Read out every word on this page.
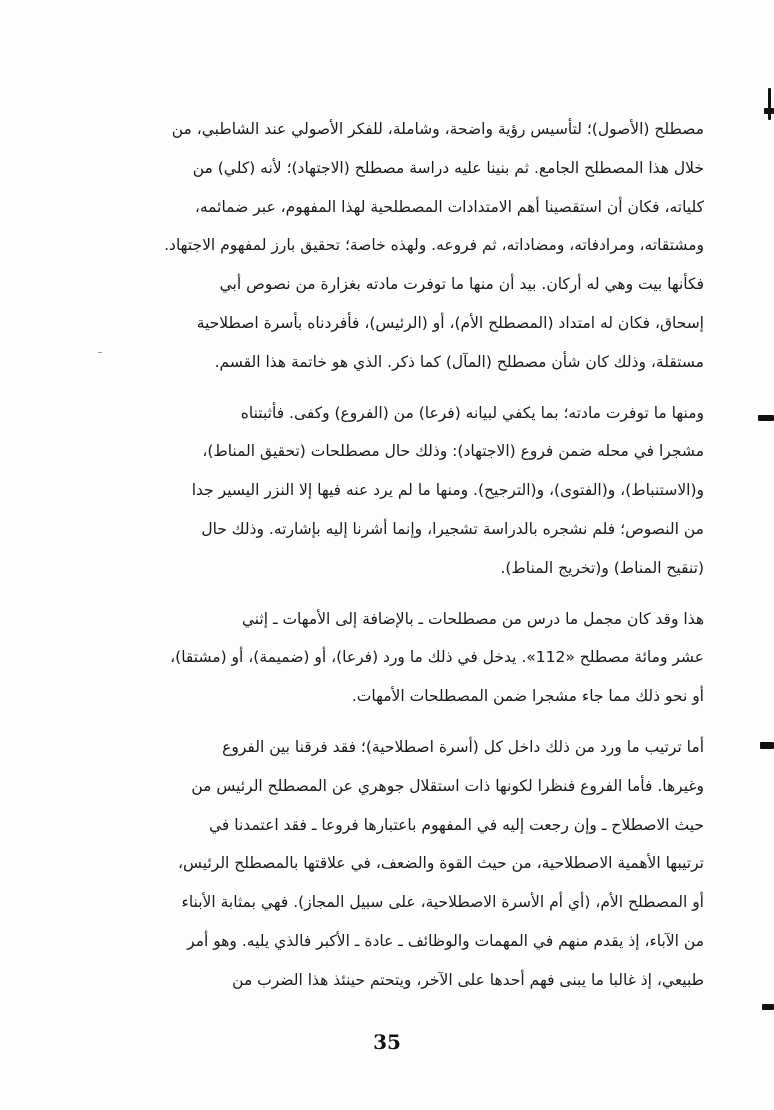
مصطلح (الأصول)؛ لتأسيس رؤية واضحة، وشاملة، للفكر الأصولي عند الشاطبي، من
خلال هذا المصطلح الجامع. ثم بنينا عليه دراسة مصطلح (الاجتهاد)؛ لأنه (كلي) من
كلياته، فكان أن استقصينا أهم الامتدادات المصطلحية لهذا المفهوم، عبر ضمائمه،
ومشتقاته، ومرادفاته، ومضاداته، ثم فروعه. ولهذه خاصة؛ تحقيق بارز لمفهوم الاجتهاد.
فكأنها بيت وهي له أركان. بيد أن منها ما توفرت مادته بغزارة من نصوص أبي
إسحاق، فكان له امتداد (المصطلح الأم)، أو (الرئيس)، فأفردناه بأسرة اصطلاحية
مستقلة، وذلك كان شأن مصطلح (المآل) كما ذكر. الذي هو خاتمة هذا القسم.

ومنها ما توفرت مادته؛ بما يكفي لبيانه (فرعا) من (الفروع) وكفى. فأثبتناه
مشجرا في محله ضمن فروع (الاجتهاد): وذلك حال مصطلحات (تحقيق المناط)،
و(الاستنباط)، و(الفتوى)، و(الترجيح). ومنها ما لم يرد عنه فيها إلا النزر اليسير جدا
من النصوص؛ فلم نشجره بالدراسة تشجيرا، وإنما أشرنا إليه بإشارته. وذلك حال
(تنقيح المناط) و(تخريج المناط).

هذا وقد كان مجمل ما درس من مصطلحات ـ بالإضافة إلى الأمهات ـ إثني
عشر ومائة مصطلح «112». يدخل في ذلك ما ورد (فرعا)، أو (ضميمة)، أو (مشتقا)،
أو نحو ذلك مما جاء مشجرا ضمن المصطلحات الأمهات.

أما ترتيب ما ورد من ذلك داخل كل (أسرة اصطلاحية)؛ فقد فرقنا بين الفروع
وغيرها. فأما الفروع فنظرا لكونها ذات استقلال جوهري عن المصطلح الرئيس من
حيث الاصطلاح ـ وإن رجعت إليه في المفهوم باعتبارها فروعا ـ فقد اعتمدنا في
ترتيبها الأهمية الاصطلاحية، من حيث القوة والضعف، في علاقتها بالمصطلح الرئيس،
أو المصطلح الأم، (أي أم الأسرة الاصطلاحية، على سبيل المجاز). فهي بمثابة الأبناء
من الآباء، إذ يقدم منهم في المهمات والوظائف ـ عادة ـ الأكبر فالذي يليه. وهو أمر
طبيعي، إذ غالبا ما يبنى فهم أحدها على الآخر، ويتحتم حينئذ هذا الضرب من

35
